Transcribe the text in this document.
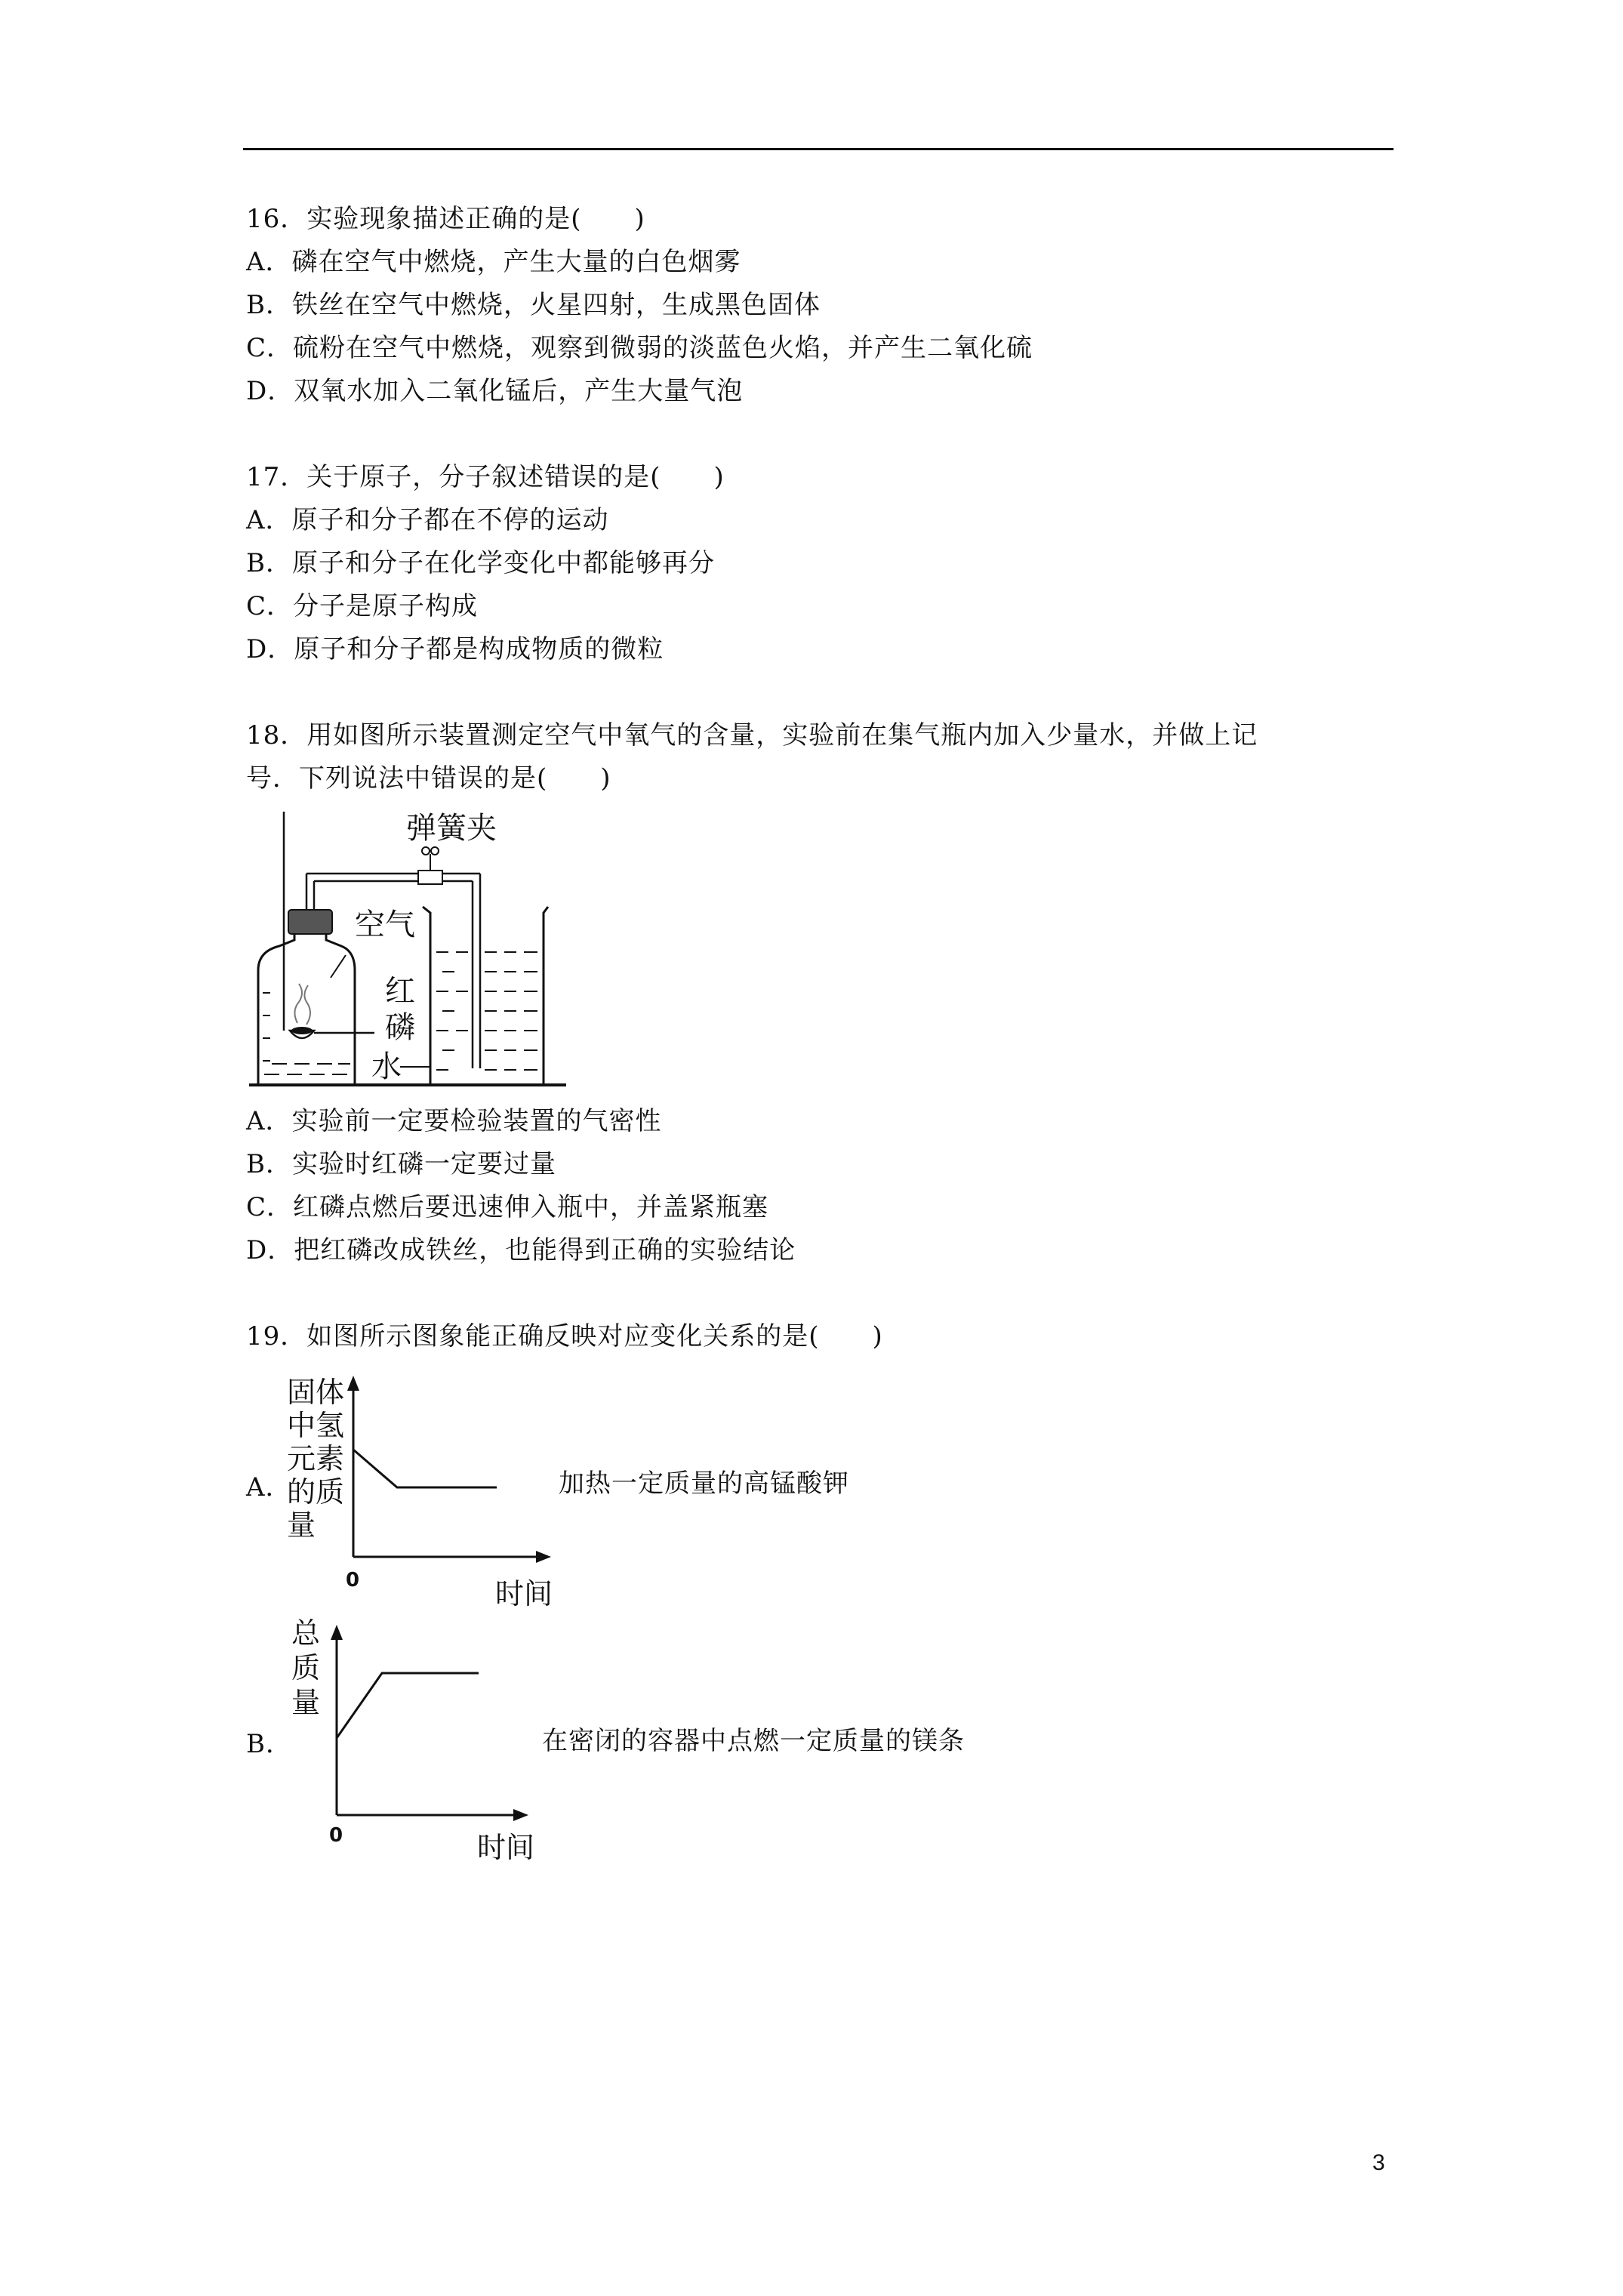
16．实验现象描述正确的是(　　)
A．磷在空气中燃烧，产生大量的白色烟雾
B．铁丝在空气中燃烧，火星四射，生成黑色固体
C．硫粉在空气中燃烧，观察到微弱的淡蓝色火焰，并产生二氧化硫
D．双氧水加入二氧化锰后，产生大量气泡
17．关于原子，分子叙述错误的是(　　)
A．原子和分子都在不停的运动
B．原子和分子在化学变化中都能够再分
C．分子是原子构成
D．原子和分子都是构成物质的微粒
18．用如图所示装置测定空气中氧气的含量，实验前在集气瓶内加入少量水，并做上记
号．下列说法中错误的是(　　)
弹簧夹
空气
红
磷
水
A．实验前一定要检验装置的气密性
B．实验时红磷一定要过量
C．红磷点燃后要迅速伸入瓶中，并盖紧瓶塞
D．把红磷改成铁丝，也能得到正确的实验结论
19．如图所示图象能正确反映对应变化关系的是(　　)
A．
固体
中氢
元素
的质
量
0	时间
加热一定质量的高锰酸钾
B．
总
质
量
0	时间
在密闭的容器中点燃一定质量的镁条
3
